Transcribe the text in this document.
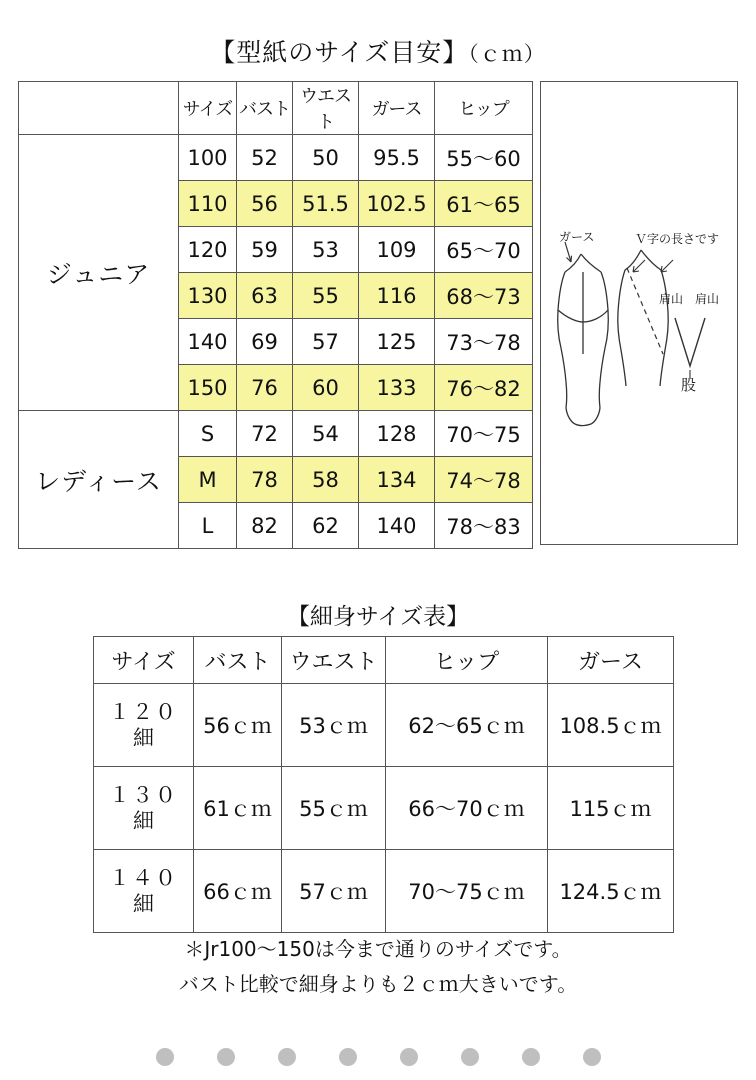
【型紙のサイズ目安】（ｃｍ）
	サイズ	バスト	ウエスト	ガース	ヒップ
ジュニア	100	52	50	95.5	55〜60
	110	56	51.5	102.5	61〜65
	120	59	53	109	65〜70
	130	63	55	116	68〜73
	140	69	57	125	73〜78
	150	76	60	133	76〜82
レディース	S	72	54	128	70〜75
	M	78	58	134	74〜78
	L	82	62	140	78〜83
ガース	Ｖ字の長さです
肩山 肩山
股
【細身サイズ表】
サイズ	バスト	ウエスト	ヒップ	ガース

１２０
細	56ｃｍ	53ｃｍ	62〜65ｃｍ	108.5ｃｍ

１３０
細	61ｃｍ	55ｃｍ	66〜70ｃｍ	115ｃｍ

１４０
細	66ｃｍ	57ｃｍ	70〜75ｃｍ	124.5ｃｍ
＊Jr100〜150は今まで通りのサイズです。
バスト比較で細身よりも２ｃｍ大きいです。
